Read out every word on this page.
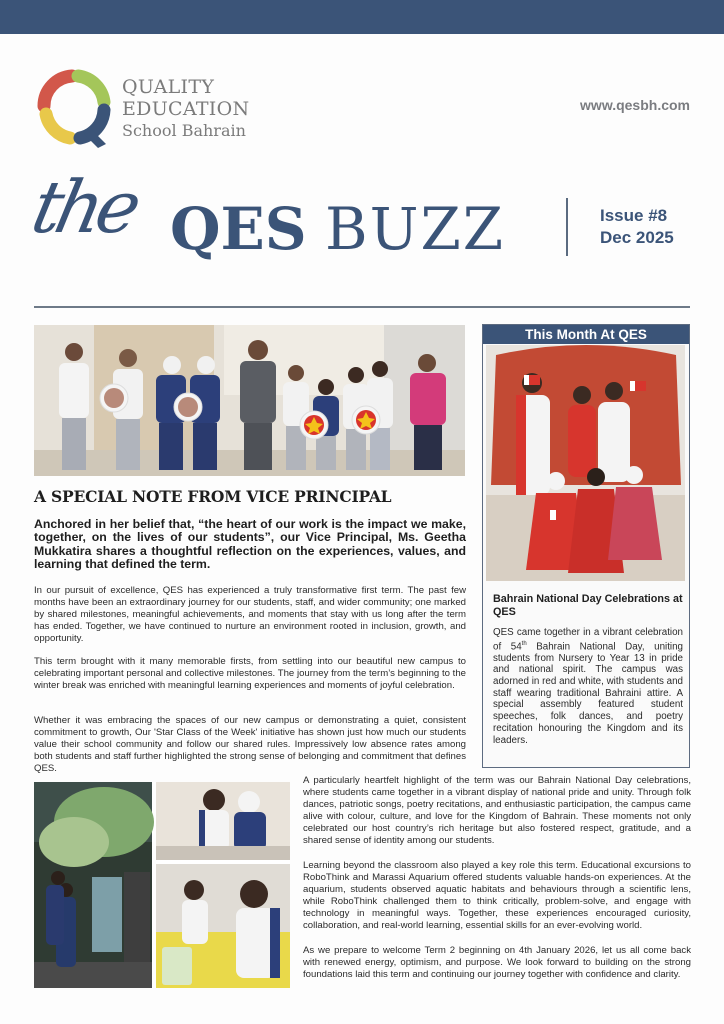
QUALITY
EDUCATION
School Bahrain
www.qesbh.com
the QES BUZZ	Issue #8
Dec 2025
This Month At QES
Bahrain National Day Celebrations at QES
QES came together in a vibrant celebration of 54th Bahrain National Day, uniting students from Nursery to Year 13 in pride and national spirit. The campus was adorned in red and white, with students and staff wearing traditional Bahraini attire. A special assembly featured student speeches, folk dances, and poetry recitation honouring the Kingdom and its leaders.
A SPECIAL NOTE FROM VICE PRINCIPAL
Anchored in her belief that, “the heart of our work is the impact we make, together, on the lives of our students”, our Vice Principal, Ms. Geetha Mukkatira shares a thoughtful reflection on the experiences, values, and learning that defined the term.
In our pursuit of excellence, QES has experienced a truly transformative first term. The past few months have been an extraordinary journey for our students, staff, and wider community; one marked by shared milestones, meaningful achievements, and moments that stay with us long after the term has ended. Together, we have continued to nurture an environment rooted in inclusion, growth, and opportunity.
This term brought with it many memorable firsts, from settling into our beautiful new campus to celebrating important personal and collective milestones. The journey from the term’s beginning to the winter break was enriched with meaningful learning experiences and moments of joyful celebration.
Whether it was embracing the spaces of our new campus or demonstrating a quiet, consistent commitment to growth, Our 'Star Class of the Week' initiative has shown just how much our students value their school community and follow our shared rules. Impressively low absence rates among both students and staff further highlighted the strong sense of belonging and commitment that defines QES.
A particularly heartfelt highlight of the term was our Bahrain National Day celebrations, where students came together in a vibrant display of national pride and unity. Through folk dances, patriotic songs, poetry recitations, and enthusiastic participation, the campus came alive with colour, culture, and love for the Kingdom of Bahrain. These moments not only celebrated our host country’s rich heritage but also fostered respect, gratitude, and a shared sense of identity among our students.
Learning beyond the classroom also played a key role this term. Educational excursions to RoboThink and Marassi Aquarium offered students valuable hands-on experiences. At the aquarium, students observed aquatic habitats and behaviours through a scientific lens, while RoboThink challenged them to think critically, problem-solve, and engage with technology in meaningful ways. Together, these experiences encouraged curiosity, collaboration, and real-world learning, essential skills for an ever-evolving world.
As we prepare to welcome Term 2 beginning on 4th January 2026, let us all come back with renewed energy, optimism, and purpose. We look forward to building on the strong foundations laid this term and continuing our journey together with confidence and clarity.
